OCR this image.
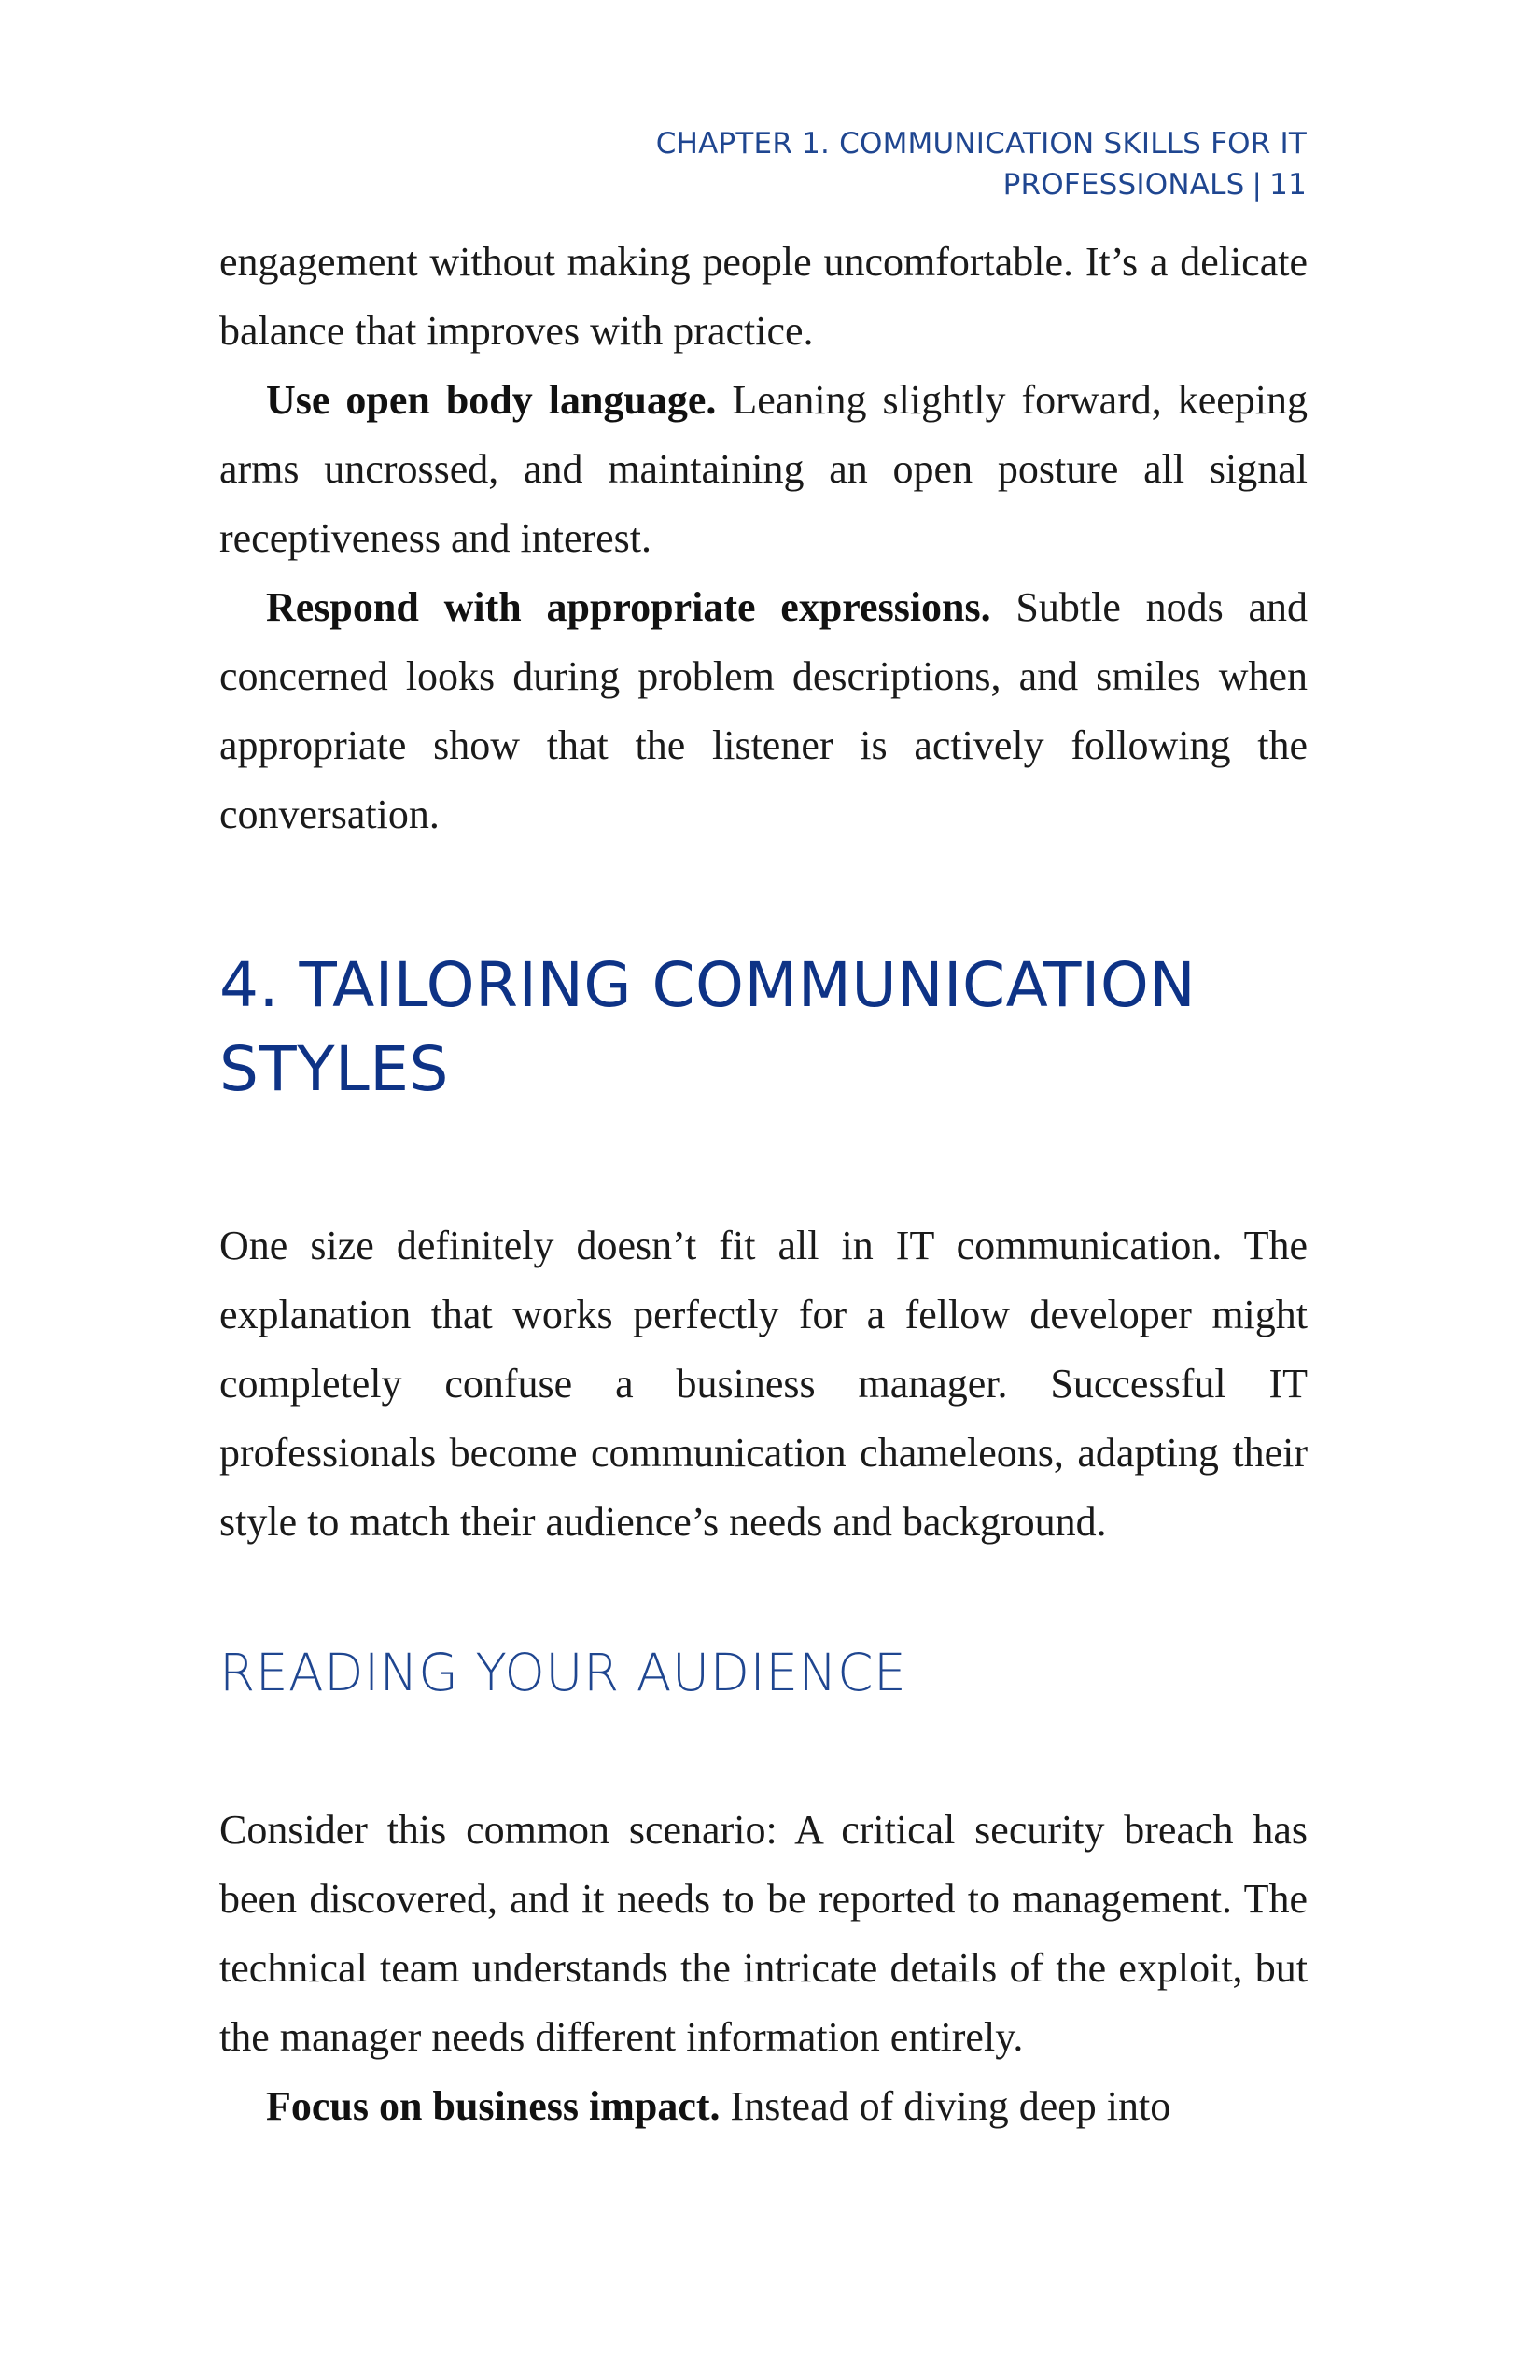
CHAPTER 1. COMMUNICATION SKILLS FOR IT
PROFESSIONALS | 11

engagement without making people uncomfortable. It’s a delicate balance that improves with practice.

Use open body language. Leaning slightly forward, keeping arms uncrossed, and maintaining an open posture all signal receptiveness and interest.

Respond with appropriate expressions. Subtle nods and concerned looks during problem descriptions, and smiles when appropriate show that the listener is actively following the conversation.

4. TAILORING COMMUNICATION
STYLES

One size definitely doesn’t fit all in IT communication. The explanation that works perfectly for a fellow developer might completely confuse a business manager. Successful IT professionals become communication chameleons, adapting their style to match their audience’s needs and background.

READING YOUR AUDIENCE

Consider this common scenario: A critical security breach has been discovered, and it needs to be reported to management. The technical team understands the intricate details of the exploit, but the manager needs different information entirely.

Focus on business impact. Instead of diving deep into
